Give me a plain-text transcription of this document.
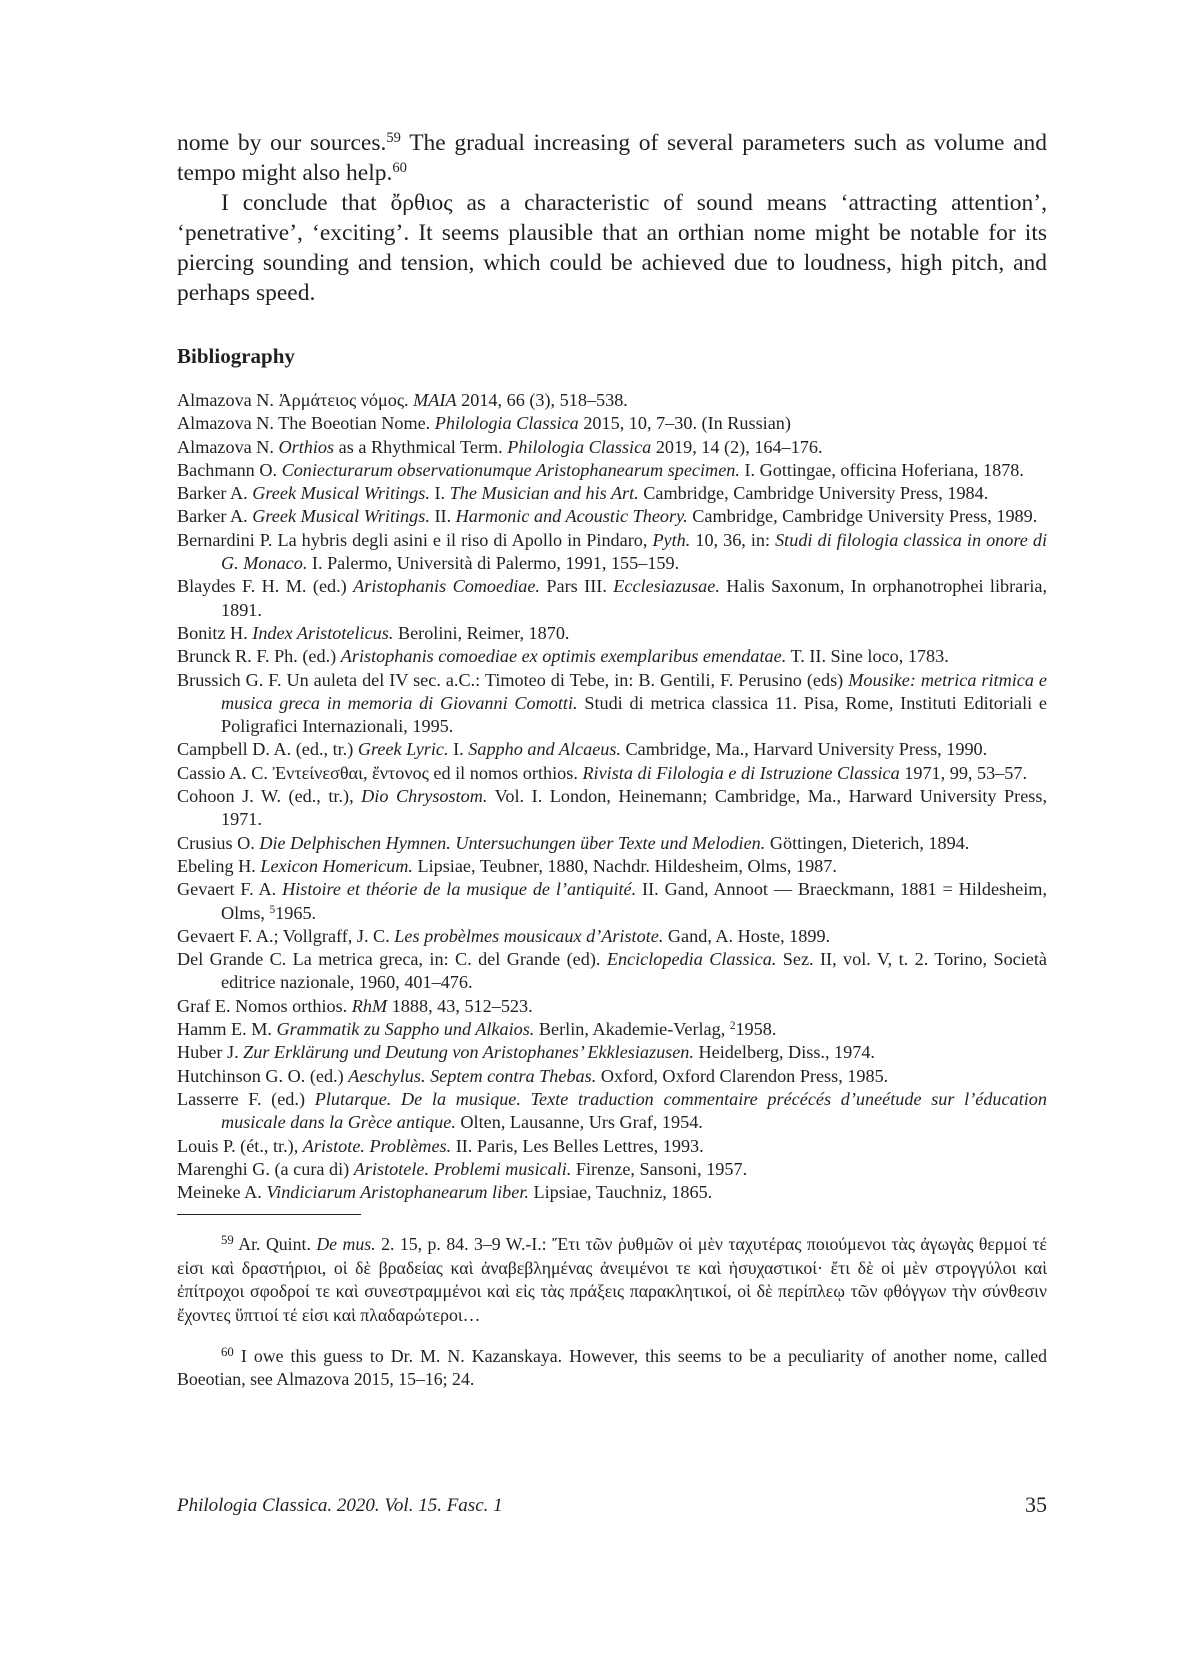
nome by our sources.$^{59}$ The gradual increasing of several parameters such as volume and tempo might also help.$^{60}$

I conclude that ὄρθιος as a characteristic of sound means ‘attracting attention’, ‘penetrative’, ‘exciting’. It seems plausible that an orthian nome might be notable for its piercing sounding and tension, which could be achieved due to loudness, high pitch, and perhaps speed.

Bibliography
Almazova N. Ἀρμάτειος νόμος. MAIA 2014, 66 (3), 518–538.
Almazova N. The Boeotian Nome. Philologia Classica 2015, 10, 7–30. (In Russian)
Almazova N. Orthios as a Rhythmical Term. Philologia Classica 2019, 14 (2), 164–176.
Bachmann O. Coniecturarum observationumque Aristophanearum specimen. I. Gottingae, officina Hoferiana, 1878.
Barker A. Greek Musical Writings. I. The Musician and his Art. Cambridge, Cambridge University Press, 1984.
Barker A. Greek Musical Writings. II. Harmonic and Acoustic Theory. Cambridge, Cambridge University Press, 1989.
Bernardini P. La hybris degli asini e il riso di Apollo in Pindaro, Pyth. 10, 36, in: Studi di filologia classica in onore di G. Monaco. I. Palermo, Università di Palermo, 1991, 155–159.
Blaydes F. H. M. (ed.) Aristophanis Comoediae. Pars III. Ecclesiazusae. Halis Saxonum, In orphanotrophei libraria, 1891.
Bonitz H. Index Aristotelicus. Berolini, Reimer, 1870.
Brunck R. F. Ph. (ed.) Aristophanis comoediae ex optimis exemplaribus emendatae. T. II. Sine loco, 1783.
Brussich G. F. Un auleta del IV sec. a.C.: Timoteo di Tebe, in: B. Gentili, F. Perusino (eds) Mousike: metrica ritmica e musica greca in memoria di Giovanni Comotti. Studi di metrica classica 11. Pisa, Rome, Instituti Editoriali e Poligrafici Internazionali, 1995.
Campbell D. A. (ed., tr.) Greek Lyric. I. Sappho and Alcaeus. Cambridge, Ma., Harvard University Press, 1990.
Cassio A. C. Ἐντείνεσθαι, ἔντονος ed il nomos orthios. Rivista di Filologia e di Istruzione Classica 1971, 99, 53–57.
Cohoon J. W. (ed., tr.), Dio Chrysostom. Vol. I. London, Heinemann; Cambridge, Ma., Harward University Press, 1971.
Crusius O. Die Delphischen Hymnen. Untersuchungen über Texte und Melodien. Göttingen, Dieterich, 1894.
Ebeling H. Lexicon Homericum. Lipsiae, Teubner, 1880, Nachdr. Hildesheim, Olms, 1987.
Gevaert F. A. Histoire et théorie de la musique de l’antiquité. II. Gand, Annoot — Braeckmann, 1881 = Hildesheim, Olms, $^5$1965.
Gevaert F. A.; Vollgraff, J. C. Les probèlmes mousicaux d’Aristote. Gand, A. Hoste, 1899.
Del Grande C. La metrica greca, in: C. del Grande (ed). Enciclopedia Classica. Sez. II, vol. V, t. 2. Torino, Società editrice nazionale, 1960, 401–476.
Graf E. Nomos orthios. RhM 1888, 43, 512–523.
Hamm E. M. Grammatik zu Sappho und Alkaios. Berlin, Akademie-Verlag, $^2$1958.
Huber J. Zur Erklärung und Deutung von Aristophanes’ Ekklesiazusen. Heidelberg, Diss., 1974.
Hutchinson G. O. (ed.) Aeschylus. Septem contra Thebas. Oxford, Oxford Clarendon Press, 1985.
Lasserre F. (ed.) Plutarque. De la musique. Texte traduction commentaire précécés d’uneétude sur l’éducation musicale dans la Grèce antique. Olten, Lausanne, Urs Graf, 1954.
Louis P. (ét., tr.), Aristote. Problèmes. II. Paris, Les Belles Lettres, 1993.
Marenghi G. (a cura di) Aristotele. Problemi musicali. Firenze, Sansoni, 1957.
Meineke A. Vindiciarum Aristophanearum liber. Lipsiae, Tauchniz, 1865.

$^{59}$ Ar. Quint. De mus. 2. 15, p. 84. 3–9 W.-I.: Ἔτι τῶν ῥυθμῶν οἱ μὲν ταχυτέρας ποιούμενοι τὰς ἀγωγὰς θερμοί τέ εἰσι καὶ δραστήριοι, οἱ δὲ βραδείας καὶ ἀναβεβλημένας ἀνειμένοι τε καὶ ἡσυχαστικοί· ἔτι δὲ οἱ μὲν στρογγύλοι καὶ ἐπίτροχοι σφοδροί τε καὶ συνεστραμμένοι καὶ εἰς τὰς πράξεις παρακλητικοί, οἱ δὲ περίπλεῳ τῶν φθόγγων τὴν σύνθεσιν ἔχοντες ὕπτιοί τέ εἰσι καὶ πλαδαρώτεροι…

$^{60}$ I owe this guess to Dr. M. N. Kazanskaya. However, this seems to be a peculiarity of another nome, called Boeotian, see Almazova 2015, 15–16; 24.

Philologia Classica. 2020. Vol. 15. Fasc. 1	35
